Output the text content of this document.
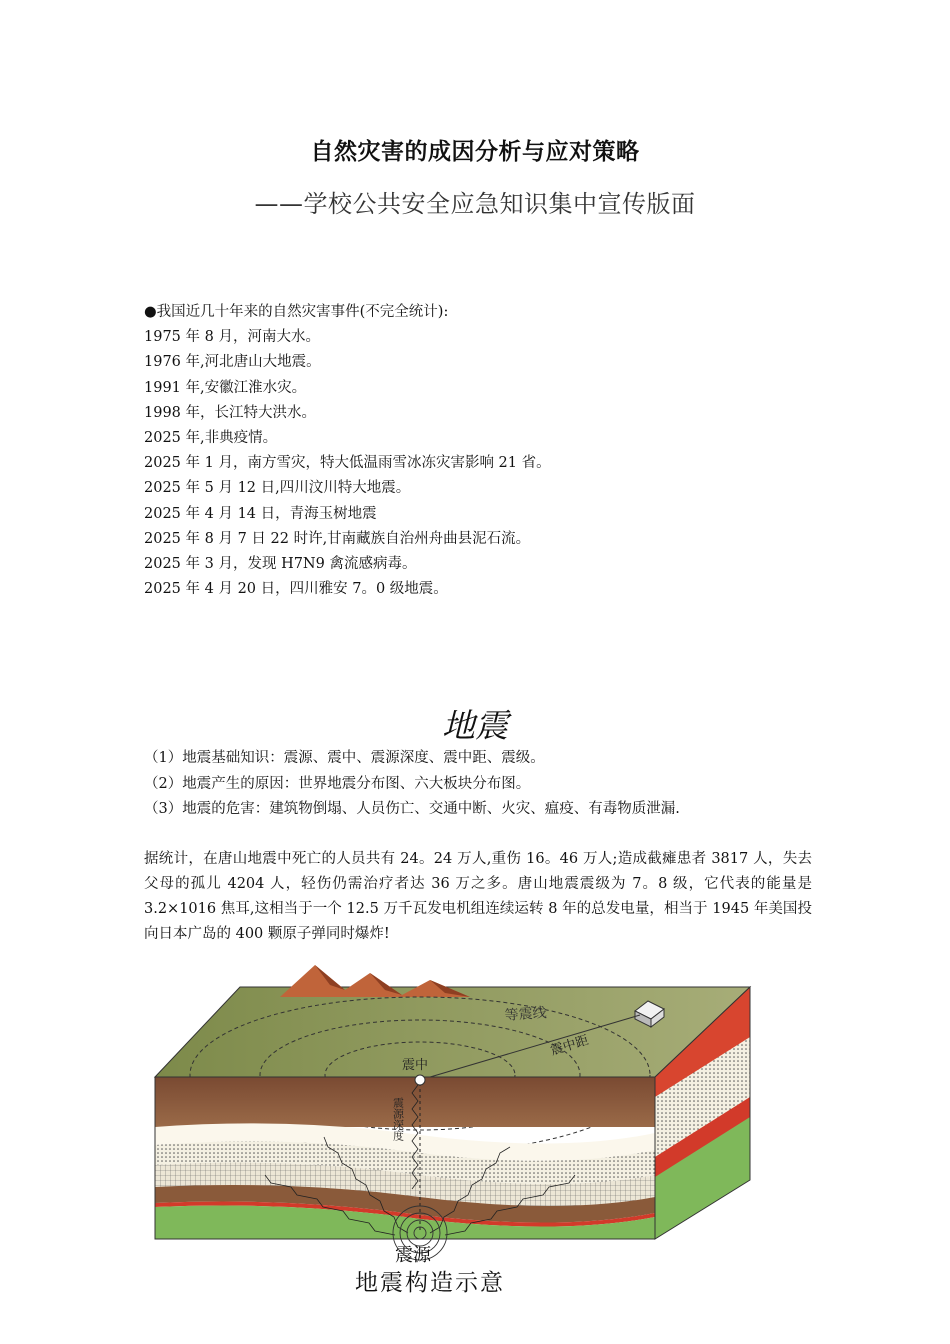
自然灾害的成因分析与应对策略
——学校公共安全应急知识集中宣传版面
●我国近几十年来的自然灾害事件(不完全统计):
1975 年 8 月，河南大水。
1976 年,河北唐山大地震。
1991 年,安徽江淮水灾。
1998 年，长江特大洪水。
2025 年,非典疫情。
2025 年 1 月，南方雪灾，特大低温雨雪冰冻灾害影响 21 省。
2025 年 5 月 12 日,四川汶川特大地震。
2025 年 4 月 14 日，青海玉树地震
2025 年 8 月 7 日 22 时许,甘南藏族自治州舟曲县泥石流。
2025 年 3 月，发现 H7N9 禽流感病毒。
2025 年 4 月 20 日，四川雅安 7。0 级地震。
地震
（1）地震基础知识：震源、震中、震源深度、震中距、震级。
（2）地震产生的原因：世界地震分布图、六大板块分布图。
（3）地震的危害：建筑物倒塌、人员伤亡、交通中断、火灾、瘟疫、有毒物质泄漏.
据统计，在唐山地震中死亡的人员共有 24。24 万人,重伤 16。46 万人;造成截瘫患者 3817 人，失去父母的孤儿 4204 人，轻伤仍需治疗者达 36 万之多。唐山地震震级为 7。8 级，它代表的能量是 3.2×1016 焦耳,这相当于一个 12.5 万千瓦发电机组连续运转 8 年的总发电量，相当于 1945 年美国投向日本广岛的 400 颗原子弹同时爆炸!
等震线
震中距
震中
震源深度
震源
地震构造示意
